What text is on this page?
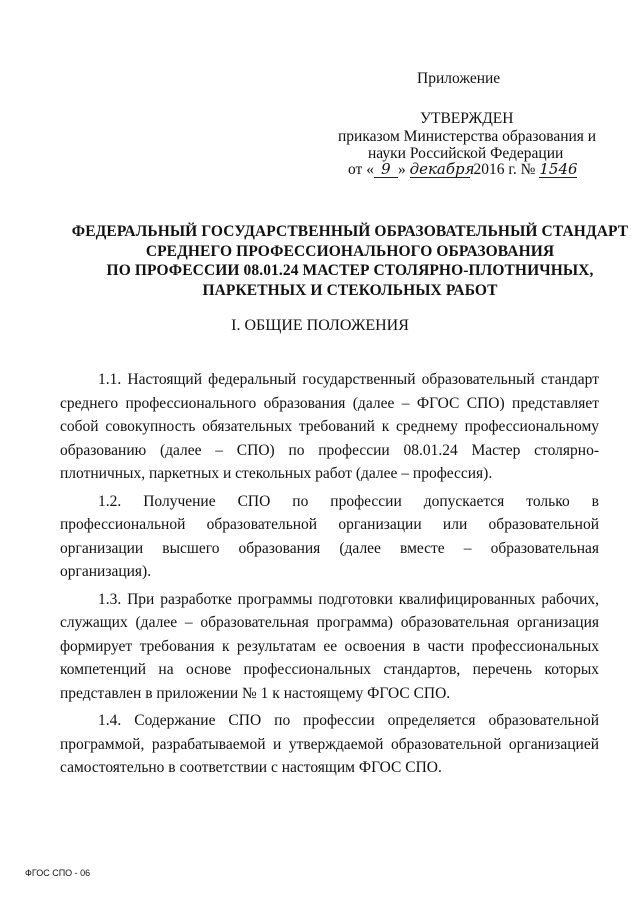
Приложение
УТВЕРЖДЕН
приказом Министерства образования и
науки Российской Федерации
от « 9 » декабря 2016 г. № 1546
ФЕДЕРАЛЬНЫЙ ГОСУДАРСТВЕННЫЙ ОБРАЗОВАТЕЛЬНЫЙ СТАНДАРТ
СРЕДНЕГО ПРОФЕССИОНАЛЬНОГО ОБРАЗОВАНИЯ
ПО ПРОФЕССИИ 08.01.24 МАСТЕР СТОЛЯРНО-ПЛОТНИЧНЫХ,
ПАРКЕТНЫХ И СТЕКОЛЬНЫХ РАБОТ
I. ОБЩИЕ ПОЛОЖЕНИЯ

1.1. Настоящий федеральный государственный образовательный стандарт среднего профессионального образования (далее – ФГОС СПО) представляет собой совокупность обязательных требований к среднему профессиональному образованию (далее – СПО) по профессии 08.01.24 Мастер столярно-плотничных, паркетных и стекольных работ (далее – профессия).

1.2. Получение СПО по профессии допускается только в профессиональной образовательной организации или образовательной организации высшего образования (далее вместе – образовательная организация).

1.3. При разработке программы подготовки квалифицированных рабочих, служащих (далее – образовательная программа) образовательная организация формирует требования к результатам ее освоения в части профессиональных компетенций на основе профессиональных стандартов, перечень которых представлен в приложении № 1 к настоящему ФГОС СПО.

1.4. Содержание СПО по профессии определяется образовательной программой, разрабатываемой и утверждаемой образовательной организацией самостоятельно в соответствии с настоящим ФГОС СПО.

ФГОС СПО - 06
